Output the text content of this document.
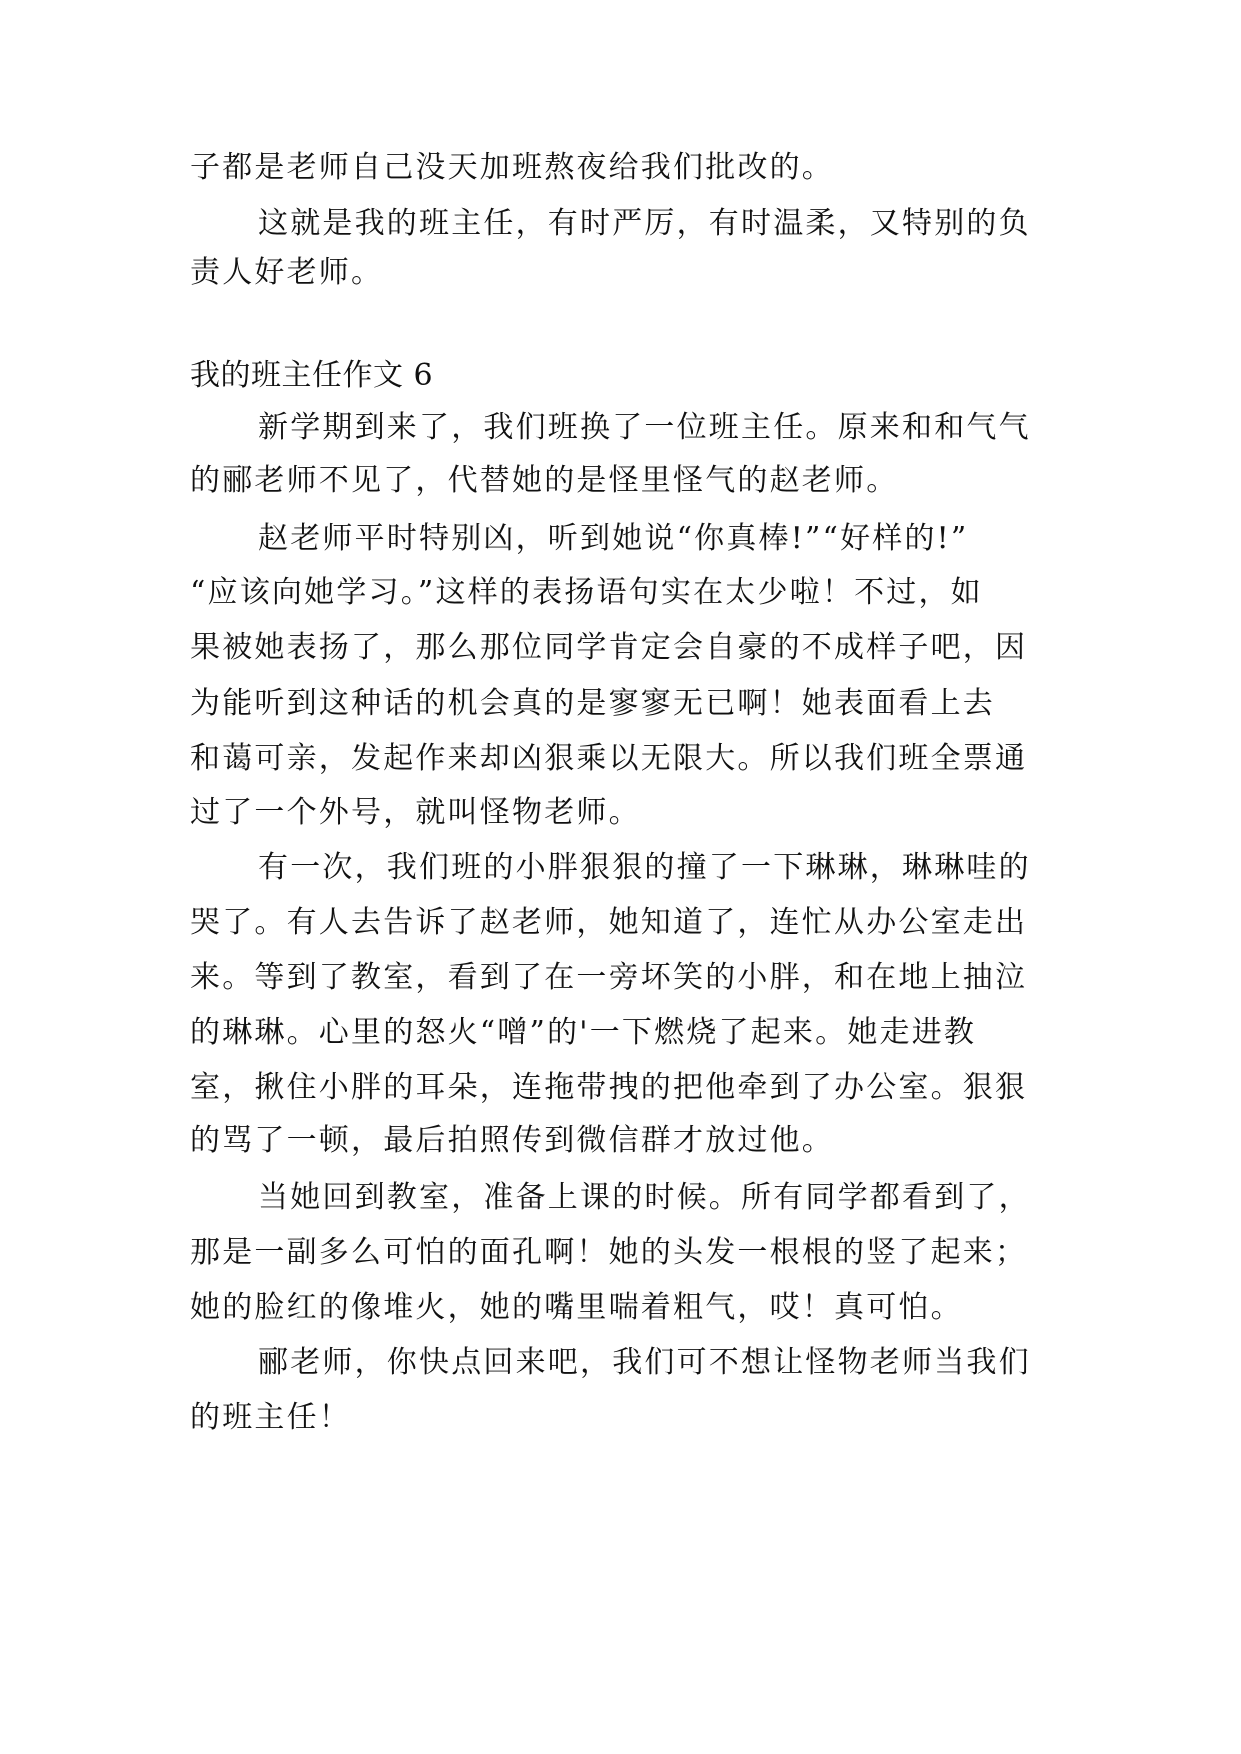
子都是老师自己没天加班熬夜给我们批改的。
这就是我的班主任，有时严厉，有时温柔，又特别的负
责人好老师。
我的班主任作文 6
新学期到来了，我们班换了一位班主任。原来和和气气
的郦老师不见了，代替她的是怪里怪气的赵老师。
赵老师平时特别凶，听到她说“你真棒!”“好样的!”
“应该向她学习。”这样的表扬语句实在太少啦！不过，如
果被她表扬了，那么那位同学肯定会自豪的不成样子吧，因
为能听到这种话的机会真的是寥寥无已啊！她表面看上去
和蔼可亲，发起作来却凶狠乘以无限大。所以我们班全票通
过了一个外号，就叫怪物老师。
有一次，我们班的小胖狠狠的撞了一下琳琳，琳琳哇的
哭了。有人去告诉了赵老师，她知道了，连忙从办公室走出
来。等到了教室，看到了在一旁坏笑的小胖，和在地上抽泣
的琳琳。心里的怒火“噌”的'一下燃烧了起来。她走进教
室，揪住小胖的耳朵，连拖带拽的把他牵到了办公室。狠狠
的骂了一顿，最后拍照传到微信群才放过他。
当她回到教室，准备上课的时候。所有同学都看到了，
那是一副多么可怕的面孔啊！她的头发一根根的竖了起来；
她的脸红的像堆火，她的嘴里喘着粗气，哎！真可怕。
郦老师，你快点回来吧，我们可不想让怪物老师当我们
的班主任！
